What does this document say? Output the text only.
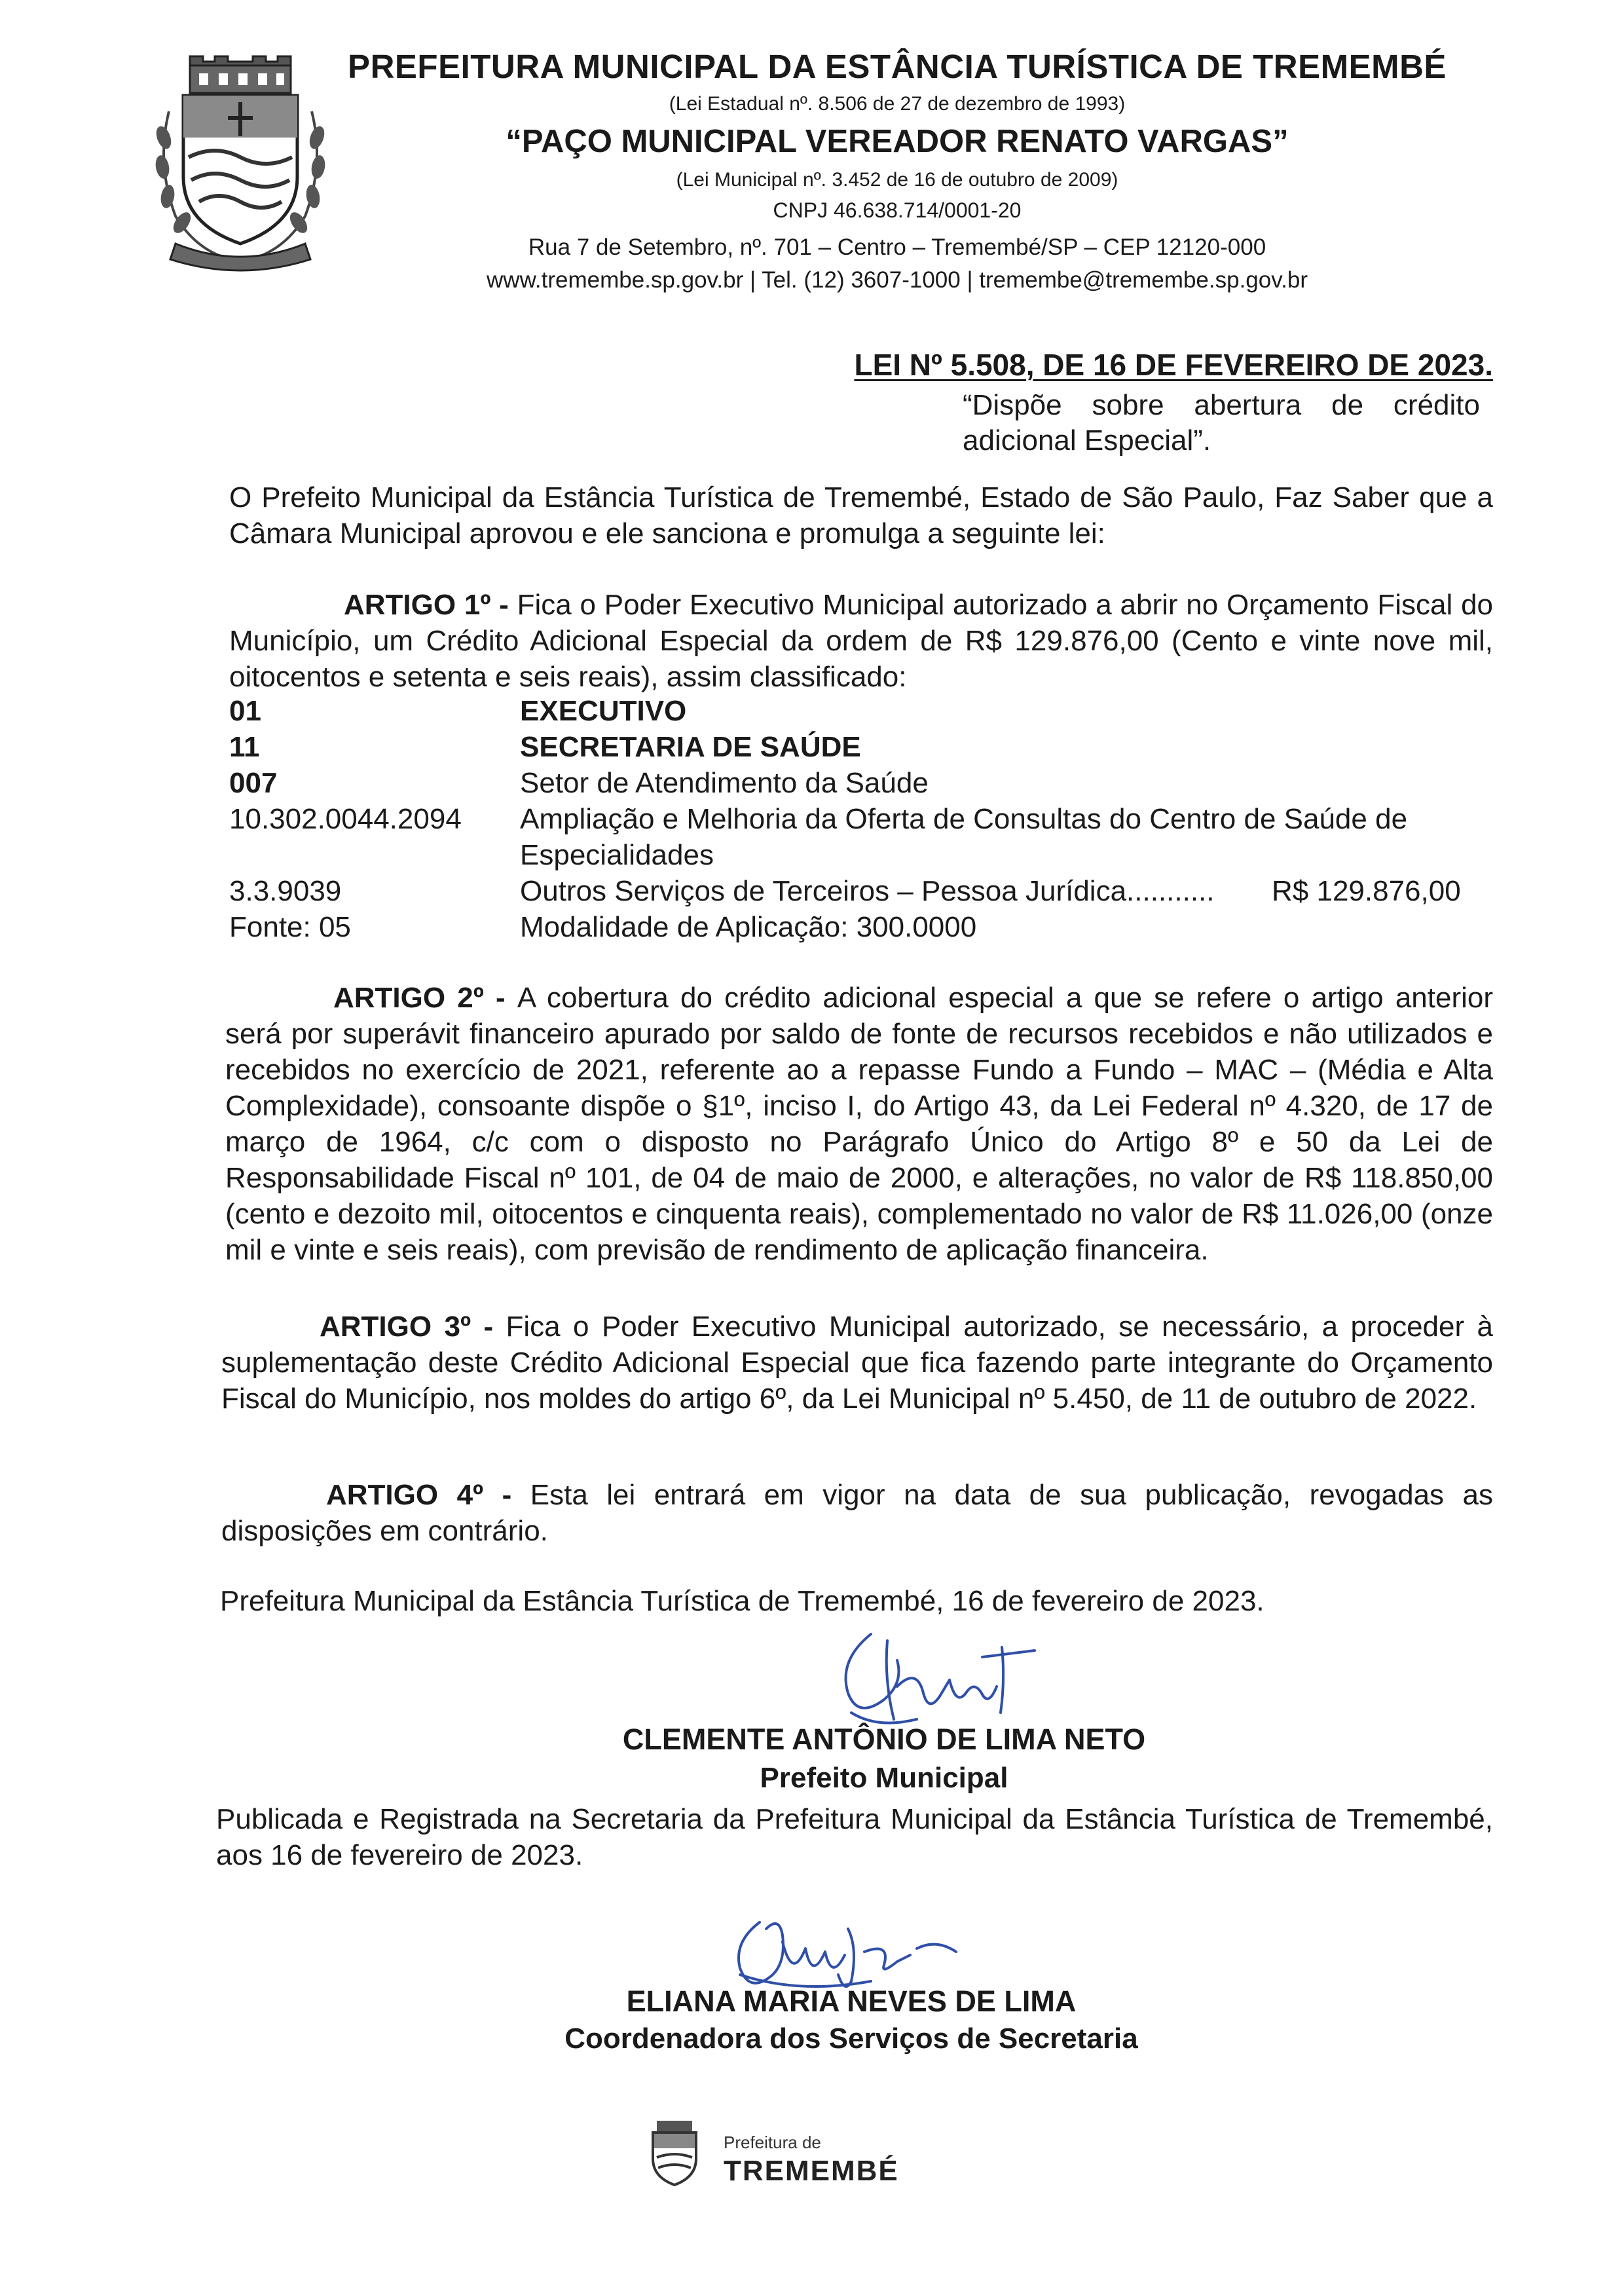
PREFEITURA MUNICIPAL DA ESTÂNCIA TURÍSTICA DE TREMEMBÉ
(Lei Estadual nº. 8.506 de 27 de dezembro de 1993)
“PAÇO MUNICIPAL VEREADOR RENATO VARGAS”
(Lei Municipal nº. 3.452 de 16 de outubro de 2009)
CNPJ 46.638.714/0001-20
Rua 7 de Setembro, nº. 701 – Centro – Tremembé/SP – CEP 12120-000
www.tremembe.sp.gov.br | Tel. (12) 3607-1000 | tremembe@tremembe.sp.gov.br
LEI Nº 5.508, DE 16 DE FEVEREIRO DE 2023.
“Dispõe sobre abertura de crédito adicional Especial”.
O Prefeito Municipal da Estância Turística de Tremembé, Estado de São Paulo, Faz Saber que a Câmara Municipal aprovou e ele sanciona e promulga a seguinte lei:
ARTIGO 1º - Fica o Poder Executivo Municipal autorizado a abrir no Orçamento Fiscal do Município, um Crédito Adicional Especial da ordem de R$ 129.876,00 (Cento e vinte nove mil, oitocentos e setenta e seis reais), assim classificado:
01	EXECUTIVO
11	SECRETARIA DE SAÚDE
007	Setor de Atendimento da Saúde
10.302.0044.2094 Ampliação e Melhoria da Oferta de Consultas do Centro de Saúde de Especialidades
3.3.9039	Outros Serviços de Terceiros – Pessoa Jurídica...........	R$ 129.876,00
Fonte: 05	Modalidade de Aplicação: 300.0000
ARTIGO 2º - A cobertura do crédito adicional especial a que se refere o artigo anterior será por superávit financeiro apurado por saldo de fonte de recursos recebidos e não utilizados e recebidos no exercício de 2021, referente ao a repasse Fundo a Fundo – MAC – (Média e Alta Complexidade), consoante dispõe o §1º, inciso I, do Artigo 43, da Lei Federal nº 4.320, de 17 de março de 1964, c/c com o disposto no Parágrafo Único do Artigo 8º e 50 da Lei de Responsabilidade Fiscal nº 101, de 04 de maio de 2000, e alterações, no valor de R$ 118.850,00 (cento e dezoito mil, oitocentos e cinquenta reais), complementado no valor de R$ 11.026,00 (onze mil e vinte e seis reais), com previsão de rendimento de aplicação financeira.
ARTIGO 3º - Fica o Poder Executivo Municipal autorizado, se necessário, a proceder à suplementação deste Crédito Adicional Especial que fica fazendo parte integrante do Orçamento Fiscal do Município, nos moldes do artigo 6º, da Lei Municipal nº 5.450, de 11 de outubro de 2022.
ARTIGO 4º - Esta lei entrará em vigor na data de sua publicação, revogadas as disposições em contrário.
Prefeitura Municipal da Estância Turística de Tremembé, 16 de fevereiro de 2023.
CLEMENTE ANTÔNIO DE LIMA NETO
Prefeito Municipal
Publicada e Registrada na Secretaria da Prefeitura Municipal da Estância Turística de Tremembé, aos 16 de fevereiro de 2023.
ELIANA MARIA NEVES DE LIMA
Coordenadora dos Serviços de Secretaria
Prefeitura de
TREMEMBÉ
